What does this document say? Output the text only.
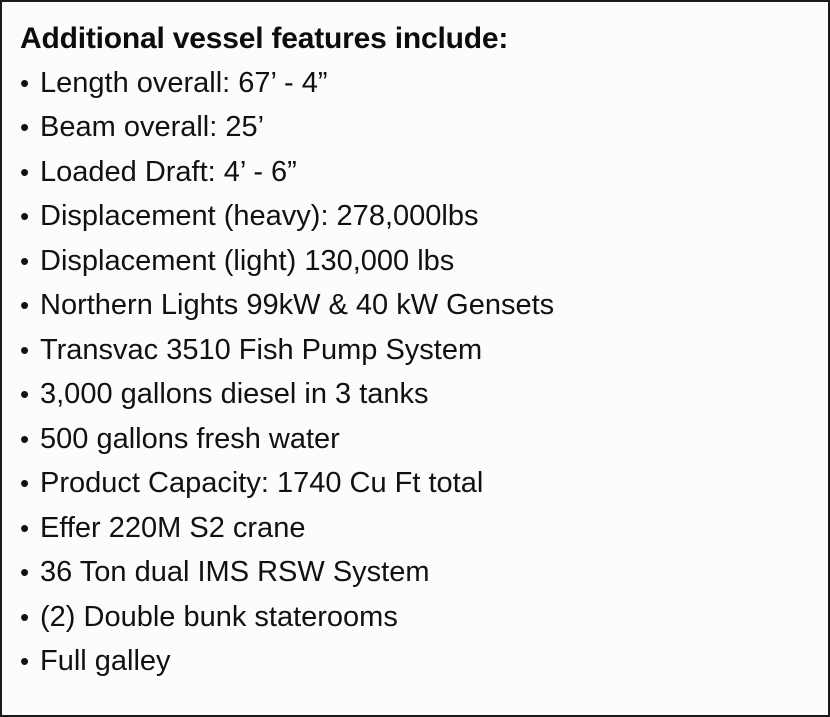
Additional vessel features include:
• Length overall: 67’ - 4”
• Beam overall: 25’
• Loaded Draft: 4’ - 6”
• Displacement (heavy): 278,000lbs
• Displacement (light) 130,000 lbs
• Northern Lights 99kW & 40 kW Gensets
• Transvac 3510 Fish Pump System
• 3,000 gallons diesel in 3 tanks
• 500 gallons fresh water
• Product Capacity: 1740 Cu Ft total
• Effer 220M S2 crane
• 36 Ton dual IMS RSW System
• (2) Double bunk staterooms
• Full galley
